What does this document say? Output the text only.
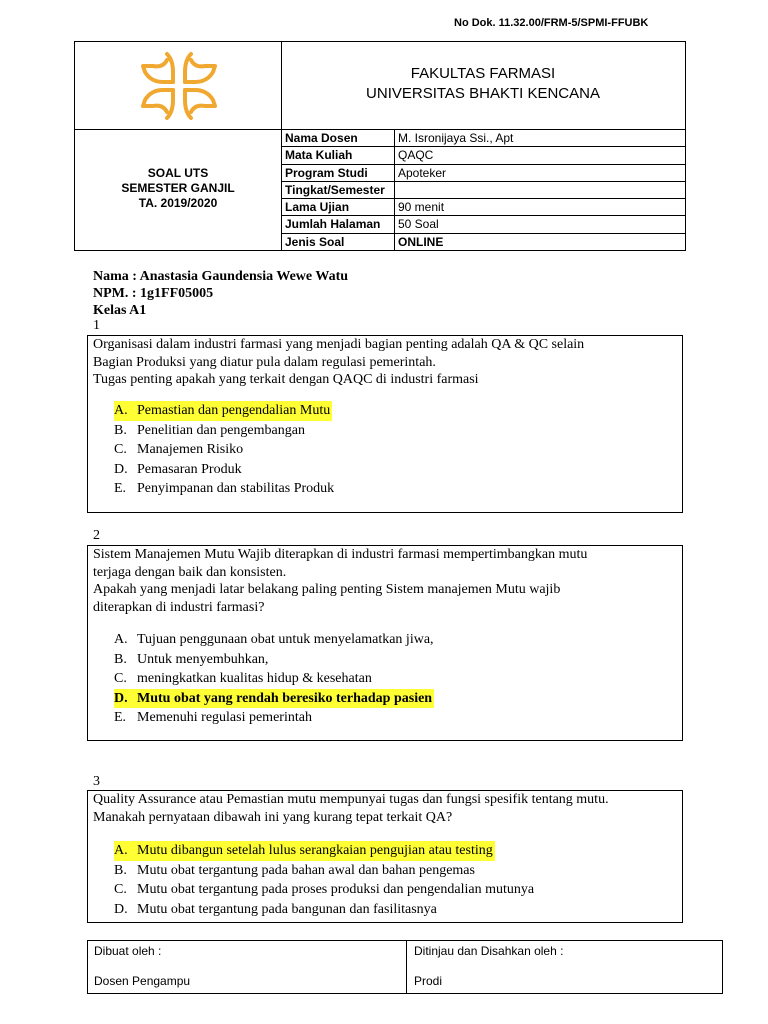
No Dok. 11.32.00/FRM-5/SPMI-FFUBK
FAKULTAS FARMASI
UNIVERSITAS BHAKTI KENCANA
SOAL UTS
SEMESTER GANJIL
TA. 2019/2020
Nama Dosen	M. Isronijaya Ssi., Apt
Mata Kuliah	QAQC
Program Studi	Apoteker
Tingkat/Semester
Lama Ujian	90 menit
Jumlah Halaman	50 Soal
Jenis Soal	ONLINE
Nama : Anastasia Gaundensia Wewe Watu
NPM. : 1g1FF05005
Kelas A1
1
Organisasi dalam industri farmasi yang menjadi bagian penting adalah QA & QC selain
Bagian Produksi yang diatur pula dalam regulasi pemerintah.
Tugas penting apakah yang terkait dengan QAQC di industri farmasi
A. Pemastian dan pengendalian Mutu
B. Penelitian dan pengembangan
C. Manajemen Risiko
D. Pemasaran Produk
E. Penyimpanan dan stabilitas Produk
2
Sistem Manajemen Mutu Wajib diterapkan di industri farmasi mempertimbangkan mutu
terjaga dengan baik dan konsisten.
Apakah yang menjadi latar belakang paling penting Sistem manajemen Mutu wajib
diterapkan di industri farmasi?
A. Tujuan penggunaan obat untuk menyelamatkan jiwa,
B. Untuk menyembuhkan,
C. meningkatkan kualitas hidup & kesehatan
D. Mutu obat yang rendah beresiko terhadap pasien
E. Memenuhi regulasi pemerintah
3
Quality Assurance atau Pemastian mutu mempunyai tugas dan fungsi spesifik tentang mutu.
Manakah pernyataan dibawah ini yang kurang tepat terkait QA?
A. Mutu dibangun setelah lulus serangkaian pengujian atau testing
B. Mutu obat tergantung pada bahan awal dan bahan pengemas
C. Mutu obat tergantung pada proses produksi dan pengendalian mutunya
D. Mutu obat tergantung pada bangunan dan fasilitasnya
Dibuat oleh :
Dosen Pengampu
Ditinjau dan Disahkan oleh :
Prodi
